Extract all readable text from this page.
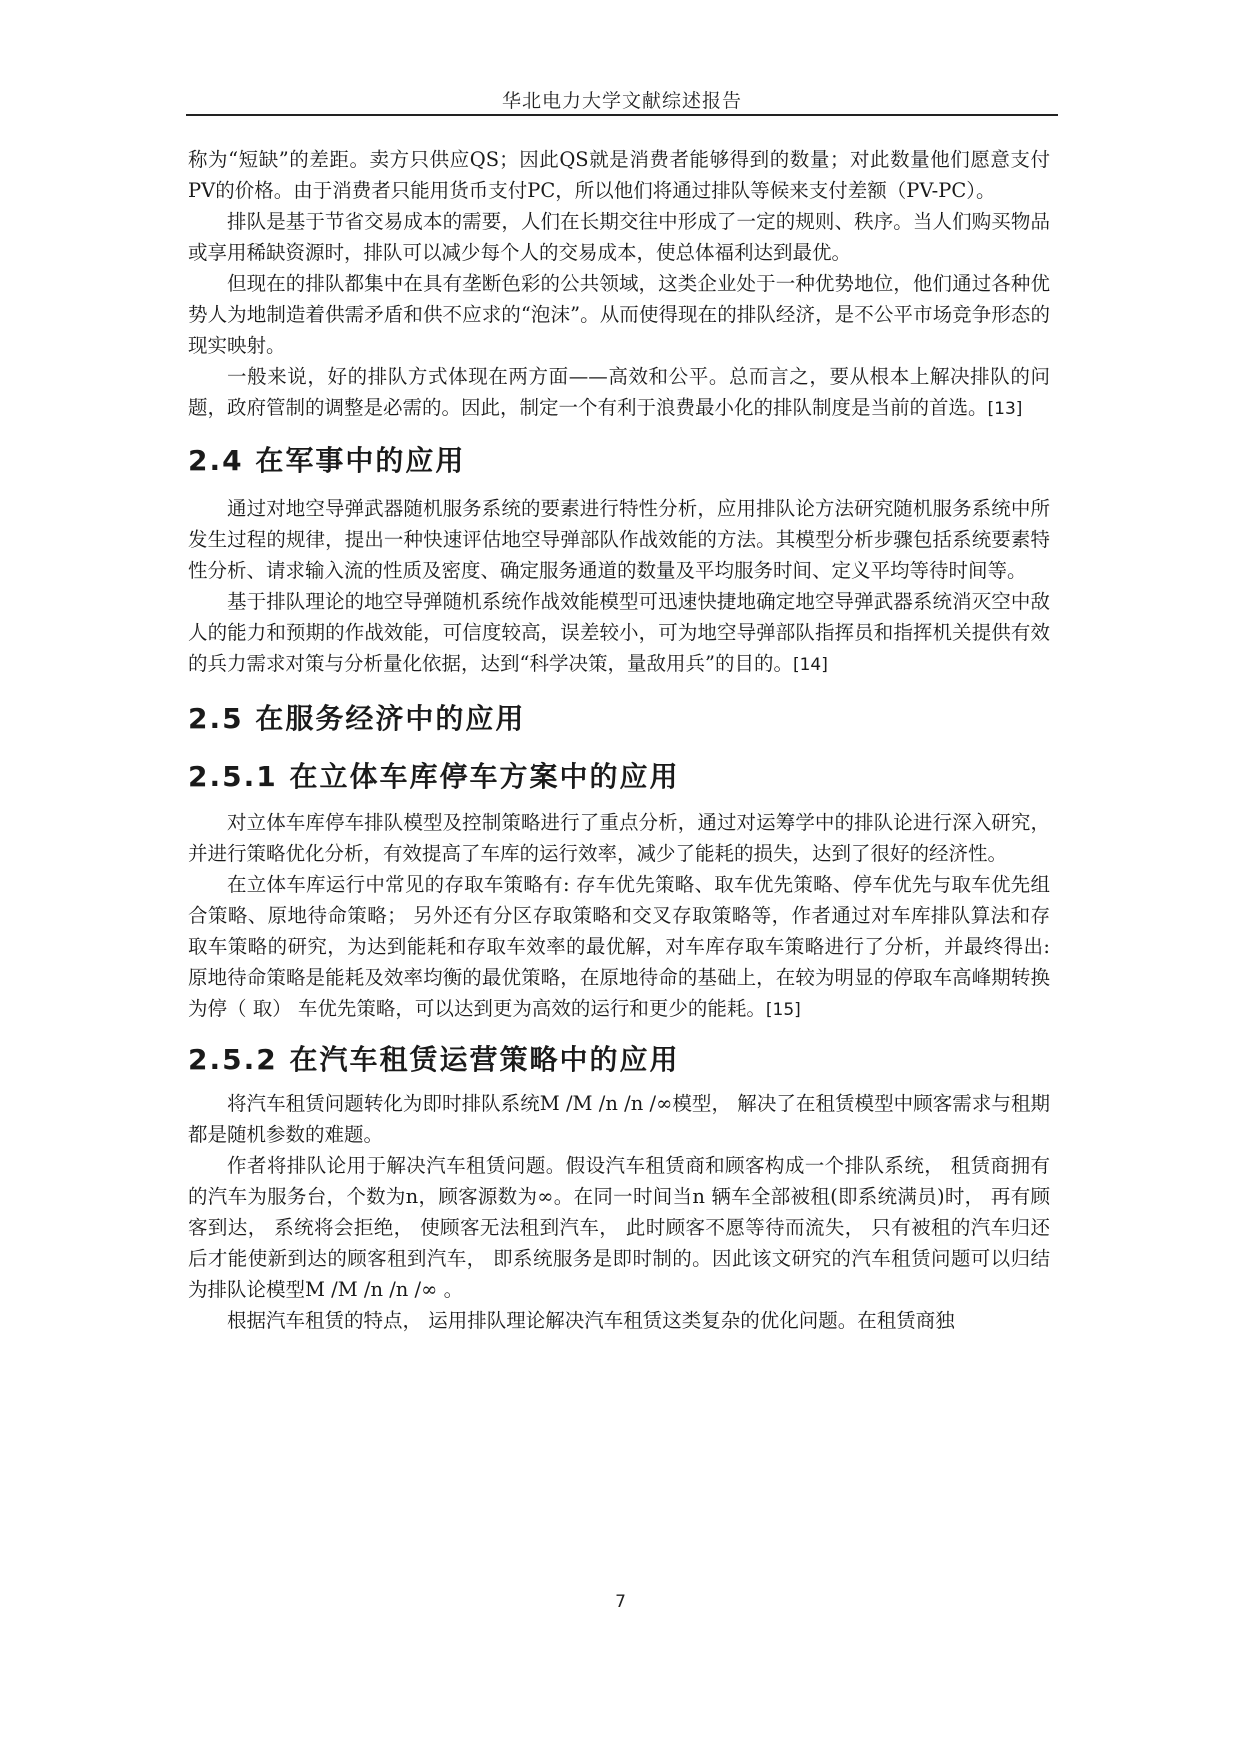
华北电力大学文献综述报告

称为“短缺”的差距。卖方只供应QS；因此QS就是消费者能够得到的数量；对此数量他们愿意支付PV的价格。由于消费者只能用货币支付PC，所以他们将通过排队等候来支付差额（PV-PC）。

排队是基于节省交易成本的需要，人们在长期交往中形成了一定的规则、秩序。当人们购买物品或享用稀缺资源时，排队可以减少每个人的交易成本，使总体福利达到最优。

但现在的排队都集中在具有垄断色彩的公共领域，这类企业处于一种优势地位，他们通过各种优势人为地制造着供需矛盾和供不应求的“泡沫”。从而使得现在的排队经济，是不公平市场竞争形态的现实映射。

一般来说，好的排队方式体现在两方面——高效和公平。总而言之，要从根本上解决排队的问题，政府管制的调整是必需的。因此，制定一个有利于浪费最小化的排队制度是当前的首选。[13]

2.4 在军事中的应用

通过对地空导弹武器随机服务系统的要素进行特性分析，应用排队论方法研究随机服务系统中所发生过程的规律，提出一种快速评估地空导弹部队作战效能的方法。其模型分析步骤包括系统要素特性分析、请求输入流的性质及密度、确定服务通道的数量及平均服务时间、定义平均等待时间等。

基于排队理论的地空导弹随机系统作战效能模型可迅速快捷地确定地空导弹武器系统消灭空中敌人的能力和预期的作战效能，可信度较高，误差较小，可为地空导弹部队指挥员和指挥机关提供有效的兵力需求对策与分析量化依据，达到“科学决策，量敌用兵”的目的。[14]

2.5 在服务经济中的应用
2.5.1 在立体车库停车方案中的应用

对立体车库停车排队模型及控制策略进行了重点分析，通过对运筹学中的排队论进行深入研究，并进行策略优化分析，有效提高了车库的运行效率，减少了能耗的损失，达到了很好的经济性。

在立体车库运行中常见的存取车策略有: 存车优先策略、取车优先策略、停车优先与取车优先组合策略、原地待命策略； 另外还有分区存取策略和交叉存取策略等，作者通过对车库排队算法和存取车策略的研究，为达到能耗和存取车效率的最优解，对车库存取车策略进行了分析，并最终得出: 原地待命策略是能耗及效率均衡的最优策略，在原地待命的基础上，在较为明显的停取车高峰期转换为停（ 取） 车优先策略，可以达到更为高效的运行和更少的能耗。[15]

2.5.2 在汽车租赁运营策略中的应用

将汽车租赁问题转化为即时排队系统M /M /n /n /∞模型， 解决了在租赁模型中顾客需求与租期都是随机参数的难题。

作者将排队论用于解决汽车租赁问题。假设汽车租赁商和顾客构成一个排队系统， 租赁商拥有的汽车为服务台，个数为n，顾客源数为∞。在同一时间当n 辆车全部被租(即系统满员)时， 再有顾客到达， 系统将会拒绝， 使顾客无法租到汽车， 此时顾客不愿等待而流失， 只有被租的汽车归还后才能使新到达的顾客租到汽车， 即系统服务是即时制的。因此该文研究的汽车租赁问题可以归结为排队论模型M /M /n /n /∞ 。

根据汽车租赁的特点， 运用排队理论解决汽车租赁这类复杂的优化问题。在租赁商独

7
